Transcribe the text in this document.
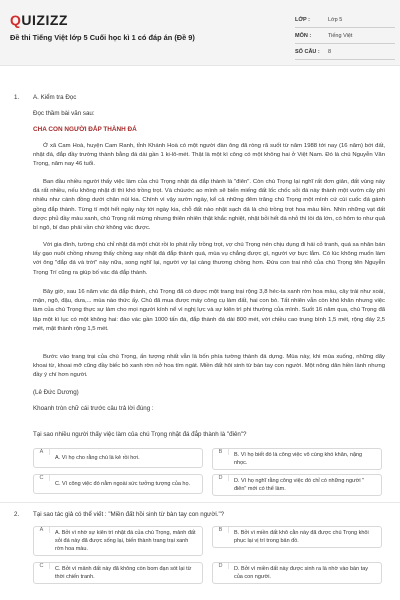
QUIZIZZ
Đề thi Tiếng Việt lớp 5 Cuối học kì 1 có đáp án (Đề 9)
LỚP :	Lớp 5
MÔN :	Tiếng Việt
SỐ CÂU :	8
1. A. Kiểm tra Đọc
Đọc thầm bài văn sau:
CHA CON NGƯỜI ĐẮP THÀNH ĐÁ
Ở xã Cam Hoà, huyện Cam Ranh, tỉnh Khánh Hoà có một người đàn ông đã ròng rã suốt từ năm 1988 tới nay (16 năm) bới đất, nhặt đá, đắp đầy trường thành bằng đá dài gần 1 ki-lô-mét. Thật là một kì công có một không hai ở Việt Nam. Đó là chú Nguyễn Văn Trọng, năm nay 46 tuổi.
Ban đầu nhiều người thấy việc làm của chú Trọng nhặt đá đắp thành là "điên". Còn chú Trọng lại nghĩ rất đơn giản, đất vùng này đá rất nhiều, nếu không nhặt đi thì khó trồng trọt. Và chúước ao mình sẽ biến miếng đất lốc chốc sỏi đá này thành một vườn cây phì nhiêu như cánh đồng dưới chân núi kia. Chính vì vậy sườn ngày, kể cả những đêm trăng chú Trọng một mình cứ cùi cuốc đá gánh gồng đắp thành. Từng tí một hết ngày này tới ngày kia, chỗ đất nào nhặt sạch đá là chú trồng trọt hoa màu liền. Nhìn những vạt đất được phủ đầy màu xanh, chú Trọng rất mừng nhưng thiên nhiên thật khắc nghiệt, nhặt bỏi hết đá nhỏ thì lòi đá lớn, có hôm to như quả bí ngô, bí đao phải vần chứ không vác được.
Với gia đình, tường chú chỉ nhặt đá một chút rồi lo phát rẫy trồng trọt, vợ chú Trọng nén chịu dụng đi hái cỏ tranh, quá sa nhân bán lấy gạo nuôi chồng nhưng thấy chồng say nhặt đá đắp thành quá, mùa vụ chẳng được gì, người vợ bực lắm. Có lúc không muốn làm với ông "đắp đá và trời" này nữa, song nghĩ lại, người vợ lại càng thương chồng hơn. Đứa con trai nhỏ của chú Trọng tên Nguyễn Trọng Trí cũng ra giúp bố vác đá đắp thành.
Bây giờ, sau 16 năm vác đá đắp thành, chú Trọng đã có được một trang trại rộng 3,8 héc-ta xanh rờn hoa màu, cây trái như xoài, mận, ngô, đậu, dưa,... mùa nào thức ấy. Chú đã mua được máy công cụ làm đất, hai con bò. Tất nhiên vẫn còn khó khăn nhưng việc làm của chú Trọng thực sự làm cho mọi người kính nể vì nghị lực và sự kiên trì phi thường của mình. Suốt 16 năm qua, chú Trọng đã lập một kì lục có một không hai: đào vác gần 1000 tấn đá, đắp thành đá dài 800 mét, với chiều cao trung bình 1,5 mét, rộng đáy 2,5 mét, mặt thành rộng 1,5 mét.
Bước vào trang trại của chú Trọng, ấn tượng nhất vẫn là bốn phía tường thành đá dựng. Mùa này, khi mùa xuống, những dãy khoai từ, khoai mỡ cũng đầy biếc bò xanh rờn nở hoa tím ngát. Miền đất hôi sinh từ bàn tay con người. Một nông dân hiền lành nhưng đầy ý chí hơn người.
(Lê Đức Dương)
Khoanh tròn chữ cái trước câu trả lời đúng :
Tại sao nhiều người thấy việc làm của chú Trọng nhặt đá đắp thành là "điên"?
A
A. Vì họ cho rằng chú là kẻ rồi hơi.
B	B. Vì họ biết đó là công việc vô cùng khó khăn, nặng nhọc.
C
C. Vì công việc đó nằm ngoài sức tưởng tượng của họ.
D	D. Vì họ nghĩ rằng công việc đó chỉ có những người " điên" mới có thể làm.
2. Tại sao tác giả có thể viết : "Miền đất hồi sinh từ bàn tay con người."?
A	A. Bởi vì nhờ sự kiên trì nhặt đá của chú Trọng, mảnh đất sỏi đá này đã được sống lại, biến thành trang trại xanh rờn hoa màu.
B	B. Bởi vì miền đất khô cằn này đã được chú Trọng khôi phục lại vị trí trong bản đồ.
C	C. Bởi vì mảnh đất này đã không còn bom đạn sót lại từ thời chiến tranh.
D	D. Bởi vì miền đất này được sinh ra là nhờ vào bàn tay của con người.
